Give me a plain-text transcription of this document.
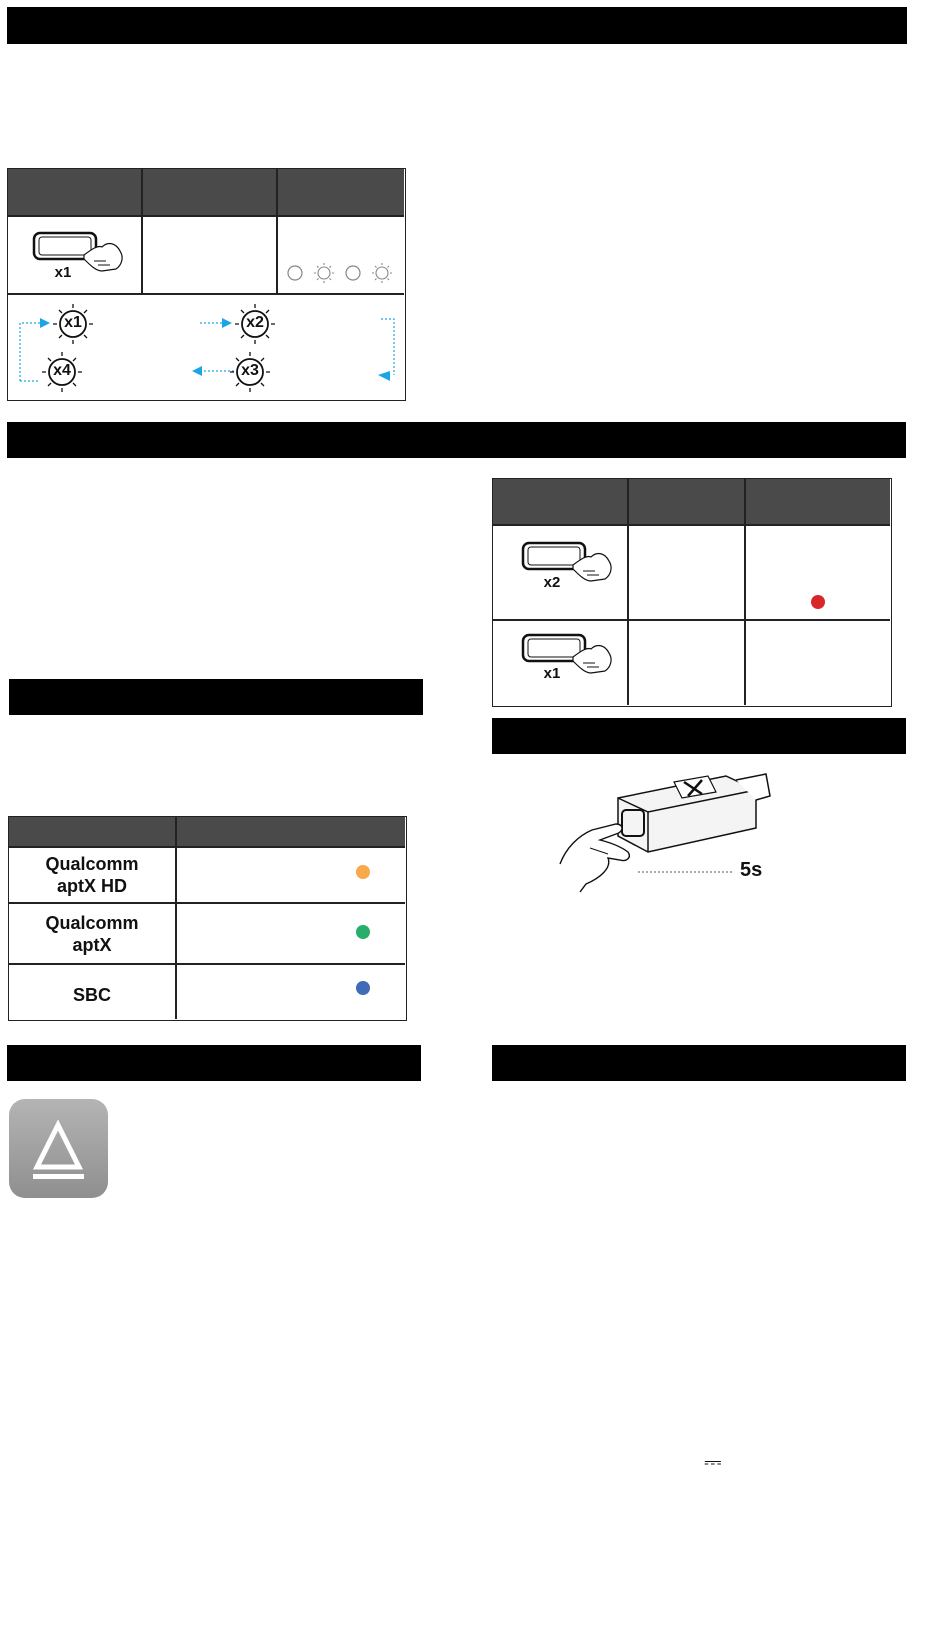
x1
x1	x2
x3
x4
x2
x1
5s
Qualcomm
aptX HD
Qualcomm
aptX
SBC
⎓
